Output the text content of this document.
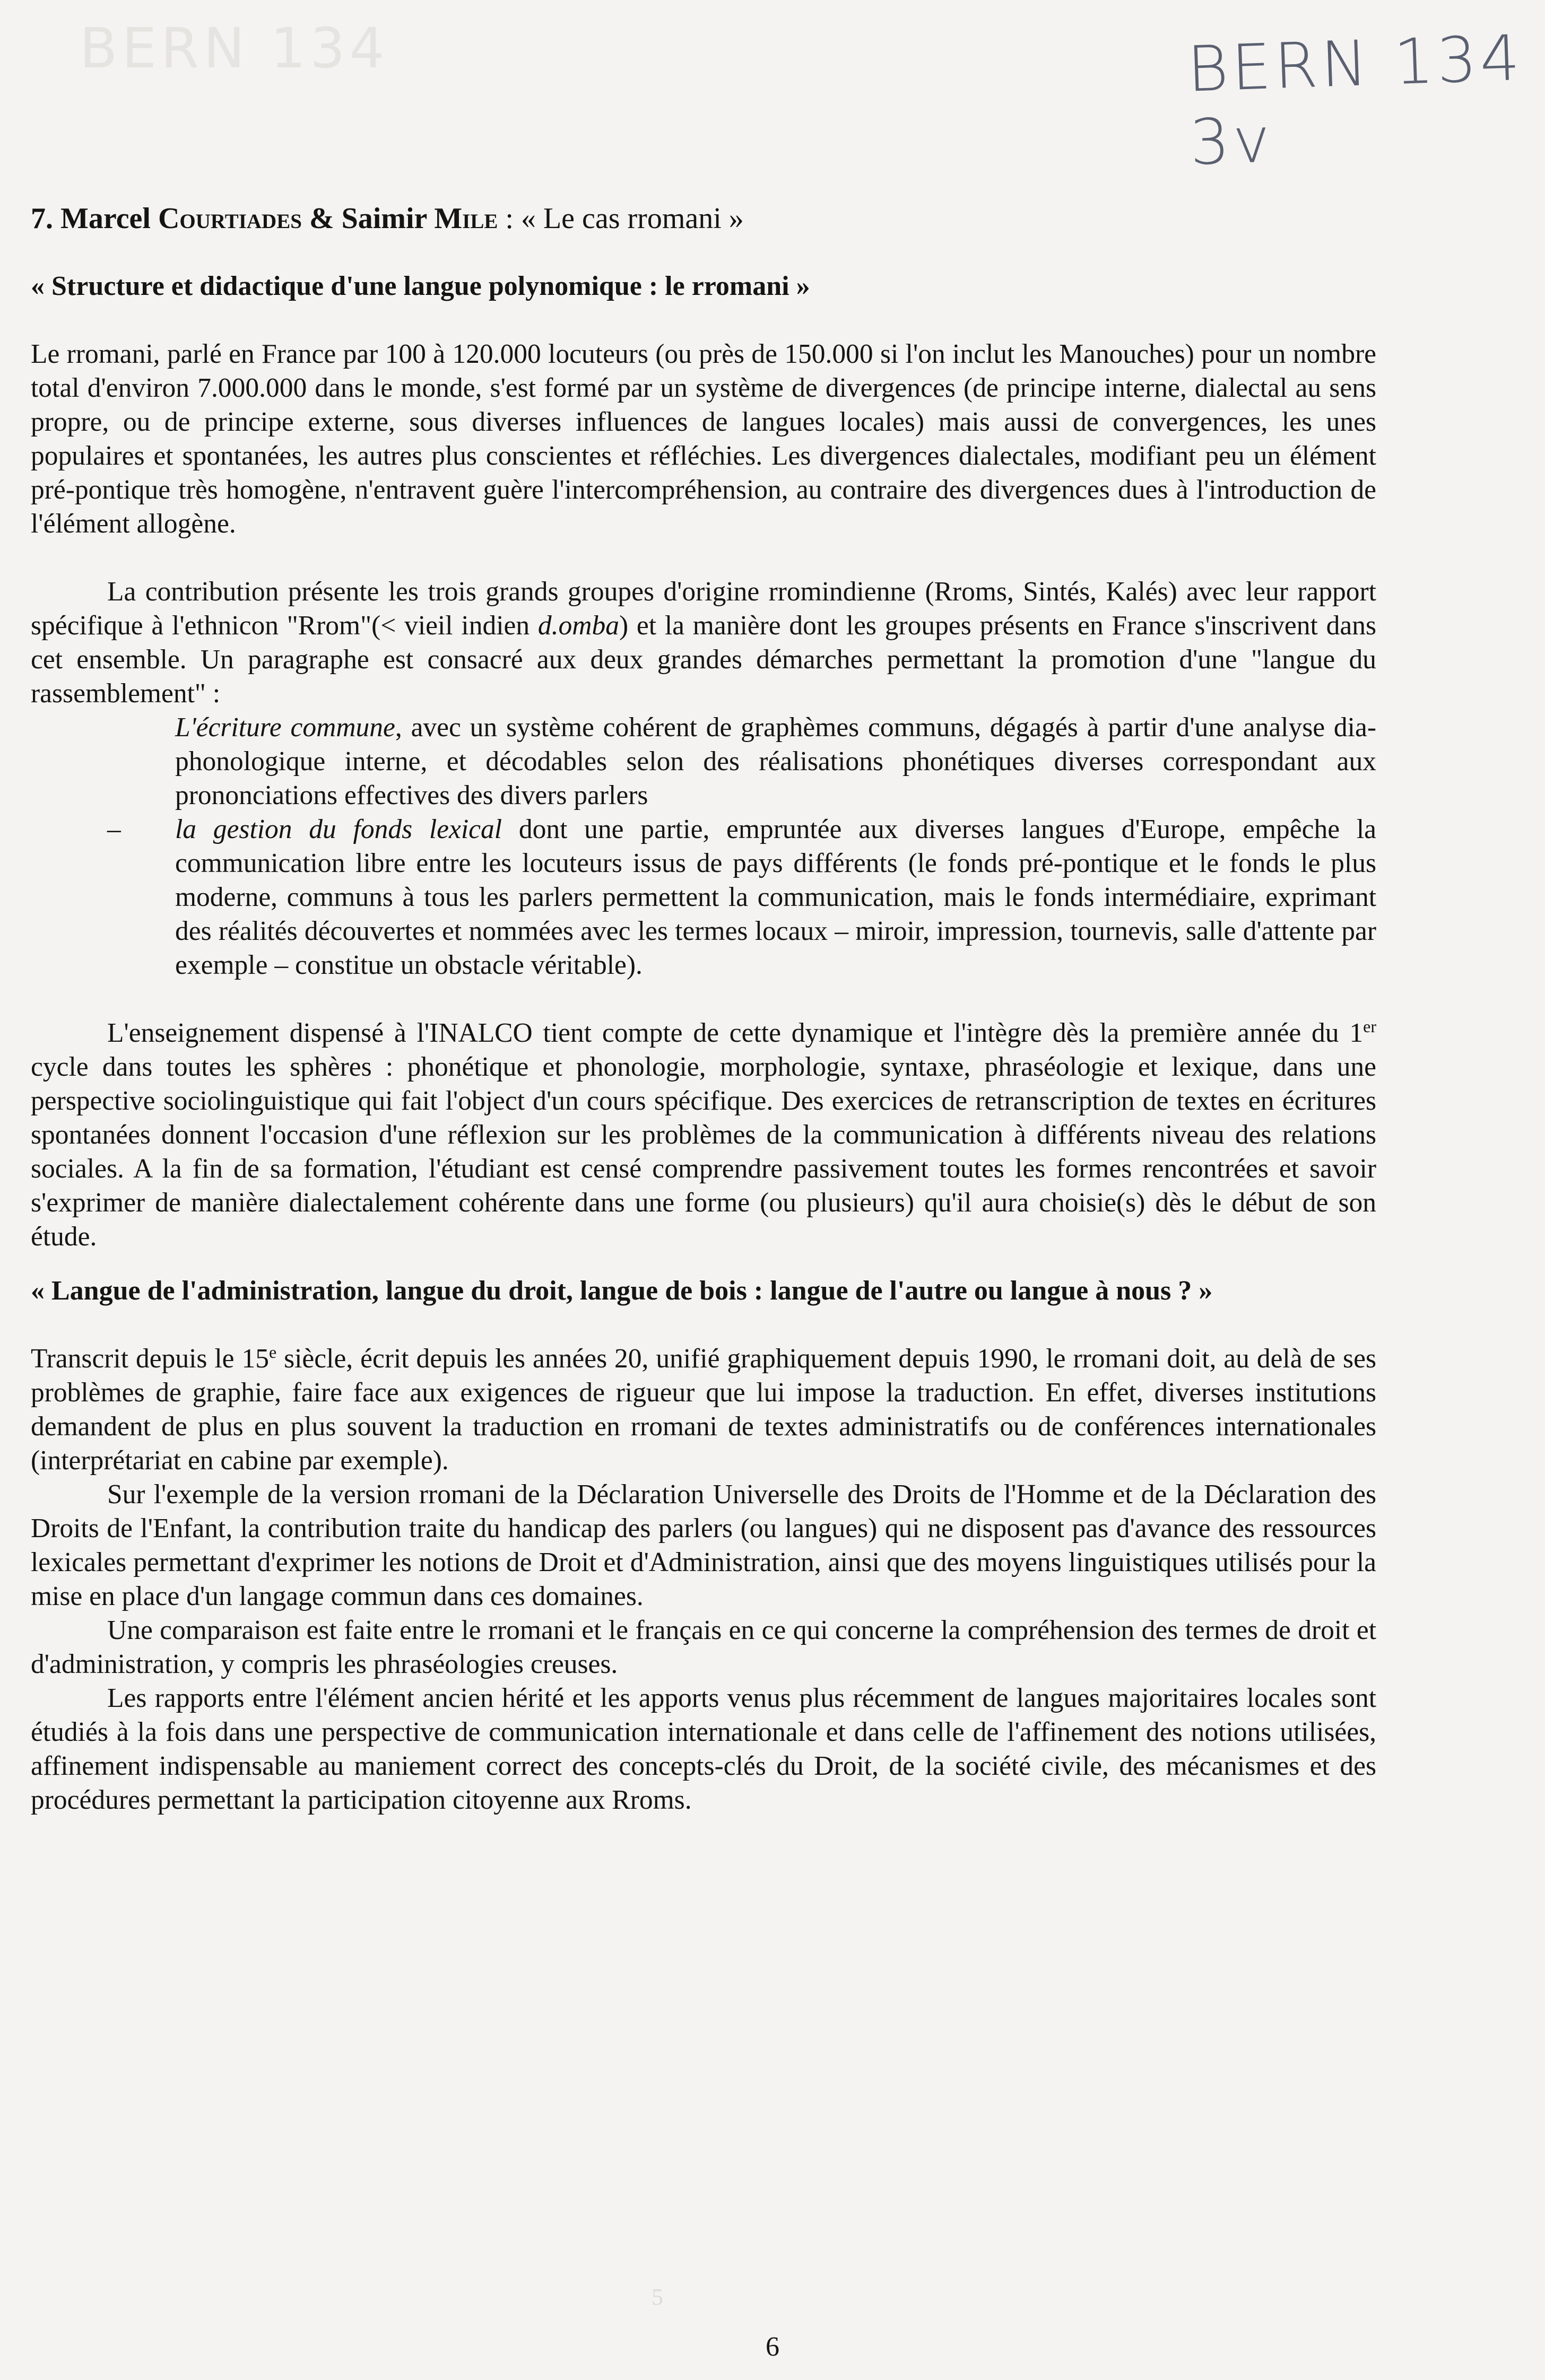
BERN 134	BERN 134 3v

7. Marcel Courtiades & Saimir Mile : « Le cas rromani »

« Structure et didactique d'une langue polynomique : le rromani »

Le rromani, parlé en France par 100 à 120.000 locuteurs (ou près de 150.000 si l'on inclut les Manouches) pour un nombre total d'environ 7.000.000 dans le monde, s'est formé par un système de divergences (de principe interne, dialectal au sens propre, ou de principe externe, sous diverses influences de langues locales) mais aussi de convergences, les unes populaires et spontanées, les autres plus conscientes et réfléchies. Les divergences dialectales, modifiant peu un élément pré-pontique très homogène, n'entravent guère l'intercompréhension, au contraire des divergences dues à l'introduction de l'élément allogène.

La contribution présente les trois grands groupes d'origine rromindienne (Rroms, Sintés, Kalés) avec leur rapport spécifique à l'ethnicon "Rrom"(< vieil indien d.omba) et la manière dont les groupes présents en France s'inscrivent dans cet ensemble. Un paragraphe est consacré aux deux grandes démarches permettant la promotion d'une "langue du rassemblement" :

L'écriture commune, avec un système cohérent de graphèmes communs, dégagés à partir d'une analyse dia-phonologique interne, et décodables selon des réalisations phonétiques diverses correspondant aux prononciations effectives des divers parlers

– la gestion du fonds lexical dont une partie, empruntée aux diverses langues d'Europe, empêche la communication libre entre les locuteurs issus de pays différents (le fonds pré-pontique et le fonds le plus moderne, communs à tous les parlers permettent la communication, mais le fonds intermédiaire, exprimant des réalités découvertes et nommées avec les termes locaux – miroir, impression, tournevis, salle d'attente par exemple – constitue un obstacle véritable).

L'enseignement dispensé à l'INALCO tient compte de cette dynamique et l'intègre dès la première année du 1er cycle dans toutes les sphères : phonétique et phonologie, morphologie, syntaxe, phraséologie et lexique, dans une perspective sociolinguistique qui fait l'object d'un cours spécifique. Des exercices de retranscription de textes en écritures spontanées donnent l'occasion d'une réflexion sur les problèmes de la communication à différents niveau des relations sociales. A la fin de sa formation, l'étudiant est censé comprendre passivement toutes les formes rencontrées et savoir s'exprimer de manière dialectalement cohérente dans une forme (ou plusieurs) qu'il aura choisie(s) dès le début de son étude.

« Langue de l'administration, langue du droit, langue de bois : langue de l'autre ou langue à nous ? »

Transcrit depuis le 15e siècle, écrit depuis les années 20, unifié graphiquement depuis 1990, le rromani doit, au delà de ses problèmes de graphie, faire face aux exigences de rigueur que lui impose la traduction. En effet, diverses institutions demandent de plus en plus souvent la traduction en rromani de textes administratifs ou de conférences internationales (interprétariat en cabine par exemple).

Sur l'exemple de la version rromani de la Déclaration Universelle des Droits de l'Homme et de la Déclaration des Droits de l'Enfant, la contribution traite du handicap des parlers (ou langues) qui ne disposent pas d'avance des ressources lexicales permettant d'exprimer les notions de Droit et d'Administration, ainsi que des moyens linguistiques utilisés pour la mise en place d'un langage commun dans ces domaines.

Une comparaison est faite entre le rromani et le français en ce qui concerne la compréhension des termes de droit et d'administration, y compris les phraséologies creuses.

Les rapports entre l'élément ancien hérité et les apports venus plus récemment de langues majoritaires locales sont étudiés à la fois dans une perspective de communication internationale et dans celle de l'affinement des notions utilisées, affinement indispensable au maniement correct des concepts-clés du Droit, de la société civile, des mécanismes et des procédures permettant la participation citoyenne aux Rroms.

5
6
